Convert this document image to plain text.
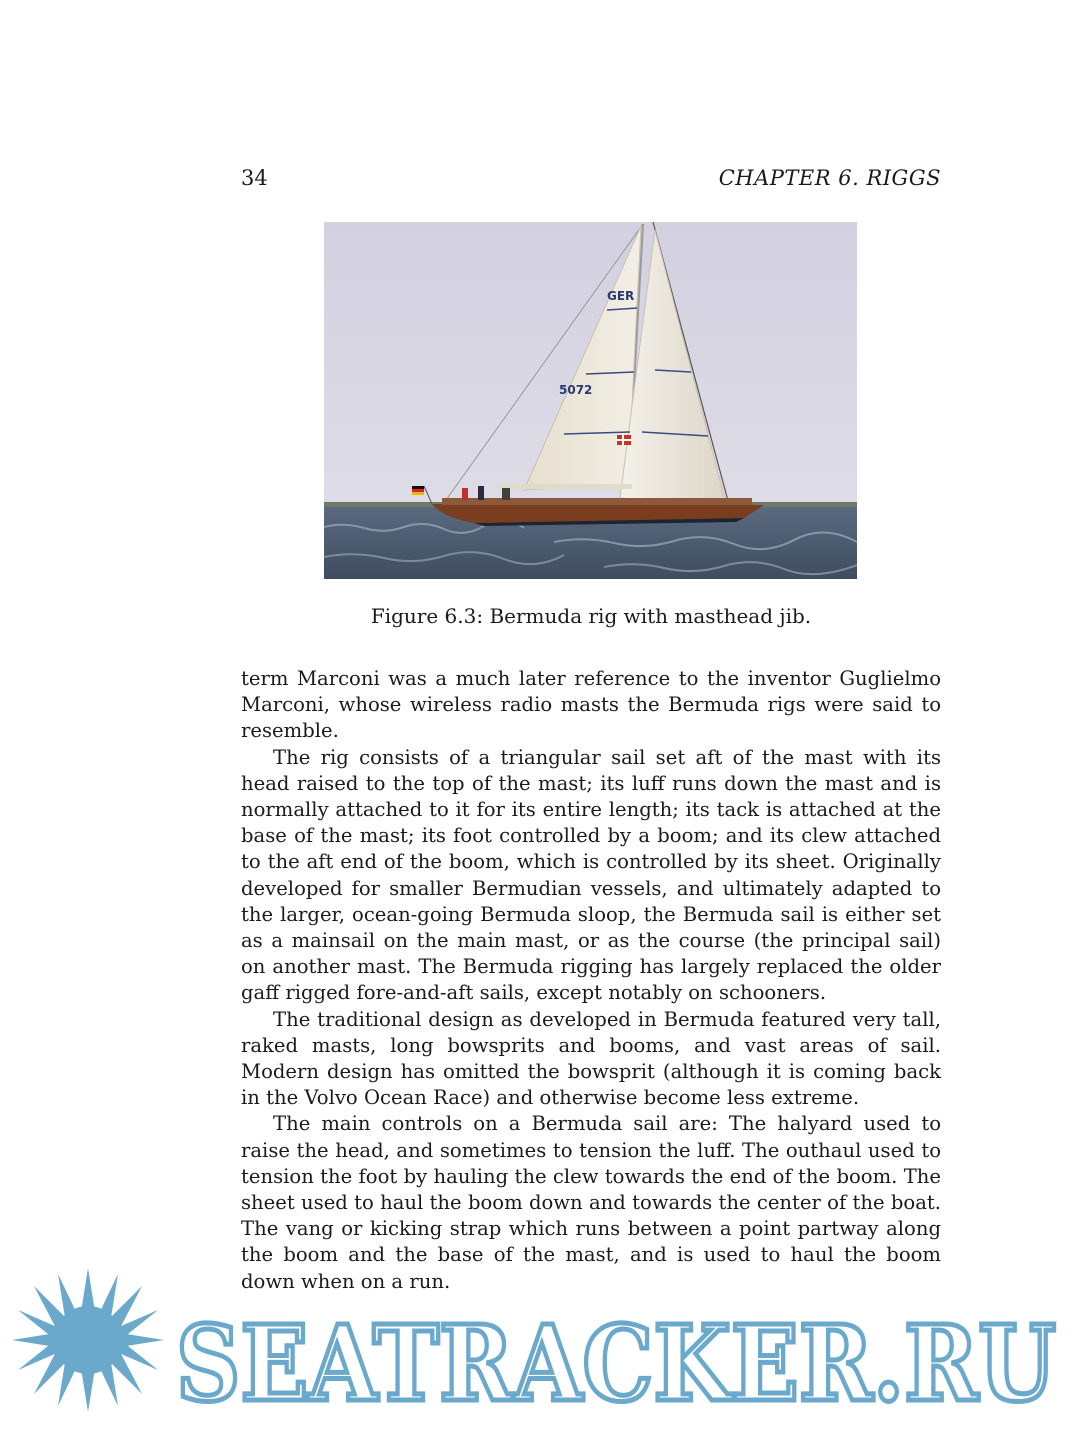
34	CHAPTER 6. RIGGS
GER
5072
Figure 6.3: Bermuda rig with masthead jib.

term Marconi was a much later reference to the inventor Guglielmo Marconi, whose wireless radio masts the Bermuda rigs were said to resemble.

The rig consists of a triangular sail set aft of the mast with its head raised to the top of the mast; its luff runs down the mast and is normally attached to it for its entire length; its tack is attached at the base of the mast; its foot controlled by a boom; and its clew attached to the aft end of the boom, which is controlled by its sheet. Originally developed for smaller Bermudian vessels, and ultimately adapted to the larger, ocean-going Bermuda sloop, the Bermuda sail is either set as a mainsail on the main mast, or as the course (the principal sail) on another mast. The Bermuda rigging has largely replaced the older gaff rigged fore-and-aft sails, except notably on schooners.

The traditional design as developed in Bermuda featured very tall, raked masts, long bowsprits and booms, and vast areas of sail. Modern design has omitted the bowsprit (although it is coming back in the Volvo Ocean Race) and otherwise become less extreme.

The main controls on a Bermuda sail are: The halyard used to raise the head, and sometimes to tension the luff. The outhaul used to tension the foot by hauling the clew towards the end of the boom. The sheet used to haul the boom down and towards the center of the boat. The vang or kicking strap which runs between a point partway along the boom and the base of the mast, and is used to haul the boom down when on a run.

SEATRACKER.RU
